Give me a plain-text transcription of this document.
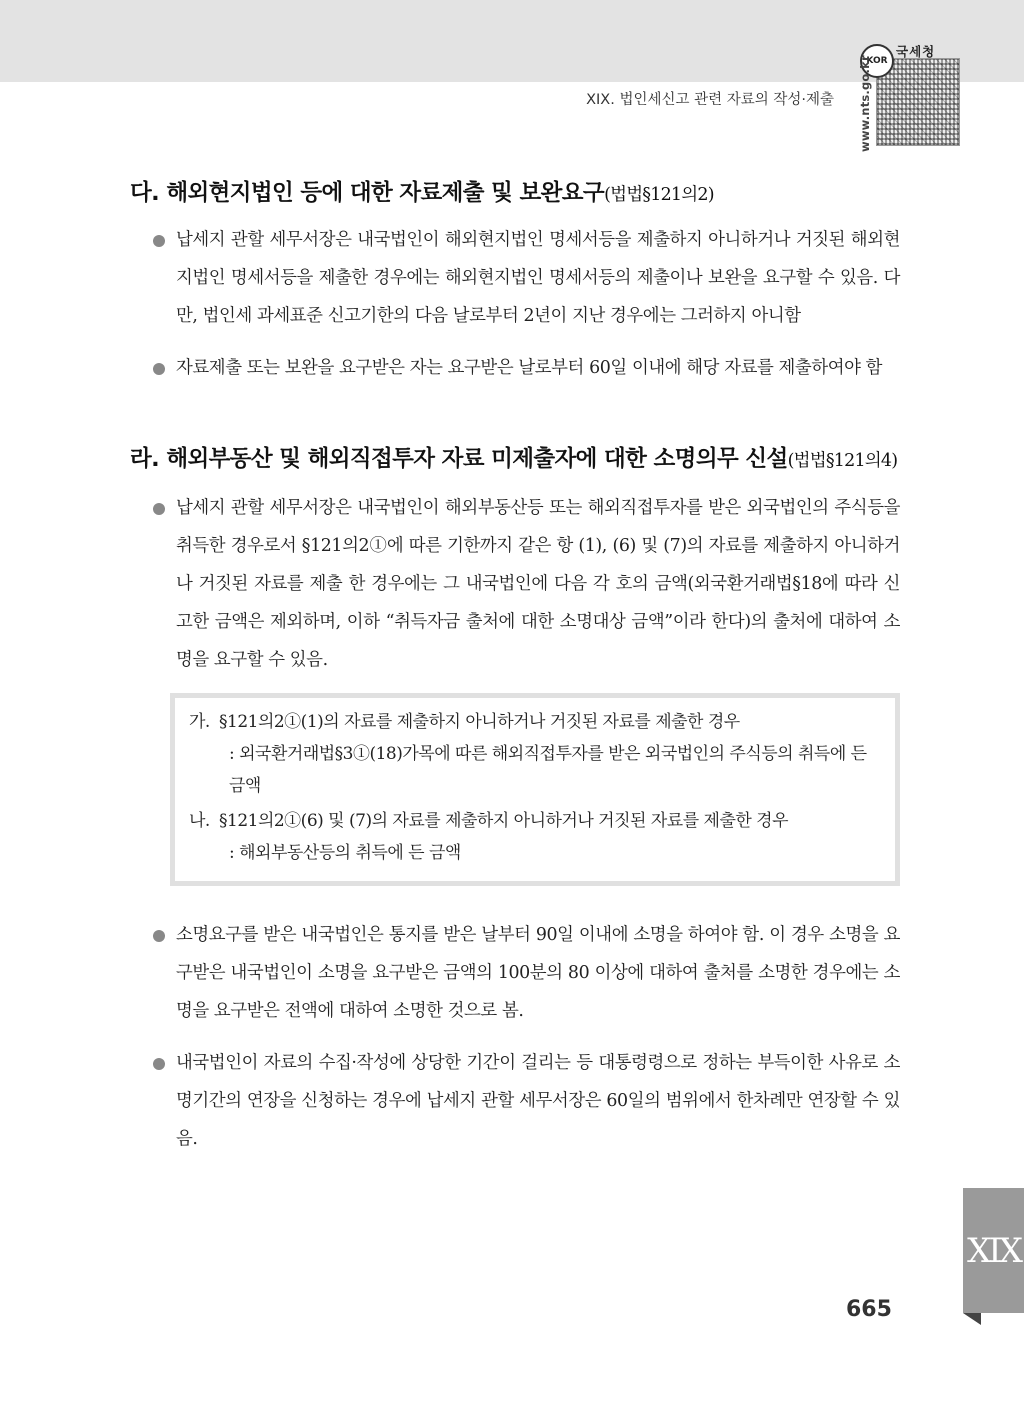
XIX. 법인세신고 관련 자료의 작성·제출
KOR
국세청
www.nts.go.kr
다. 해외현지법인 등에 대한 자료제출 및 보완요구(법법§121의2)
납세지 관할 세무서장은 내국법인이 해외현지법인 명세서등을 제출하지 아니하거나 거짓된 해외현지법인 명세서등을 제출한 경우에는 해외현지법인 명세서등의 제출이나 보완을 요구할 수 있음. 다만, 법인세 과세표준 신고기한의 다음 날로부터 2년이 지난 경우에는 그러하지 아니함
자료제출 또는 보완을 요구받은 자는 요구받은 날로부터 60일 이내에 해당 자료를 제출하여야 함
라. 해외부동산 및 해외직접투자 자료 미제출자에 대한 소명의무 신설(법법§121의4)
납세지 관할 세무서장은 내국법인이 해외부동산등 또는 해외직접투자를 받은 외국법인의 주식등을 취득한 경우로서 §121의2①에 따른 기한까지 같은 항 (1), (6) 및 (7)의 자료를 제출하지 아니하거나 거짓된 자료를 제출 한 경우에는 그 내국법인에 다음 각 호의 금액(외국환거래법§18에 따라 신고한 금액은 제외하며, 이하 “취득자금 출처에 대한 소명대상 금액”이라 한다)의 출처에 대하여 소명을 요구할 수 있음.
가. §121의2①(1)의 자료를 제출하지 아니하거나 거짓된 자료를 제출한 경우
: 외국환거래법§3①(18)가목에 따른 해외직접투자를 받은 외국법인의 주식등의 취득에 든 금액
나. §121의2①(6) 및 (7)의 자료를 제출하지 아니하거나 거짓된 자료를 제출한 경우
: 해외부동산등의 취득에 든 금액
소명요구를 받은 내국법인은 통지를 받은 날부터 90일 이내에 소명을 하여야 함. 이 경우 소명을 요구받은 내국법인이 소명을 요구받은 금액의 100분의 80 이상에 대하여 출처를 소명한 경우에는 소명을 요구받은 전액에 대하여 소명한 것으로 봄.
내국법인이 자료의 수집·작성에 상당한 기간이 걸리는 등 대통령령으로 정하는 부득이한 사유로 소명기간의 연장을 신청하는 경우에 납세지 관할 세무서장은 60일의 범위에서 한차례만 연장할 수 있음.
XIX
665
